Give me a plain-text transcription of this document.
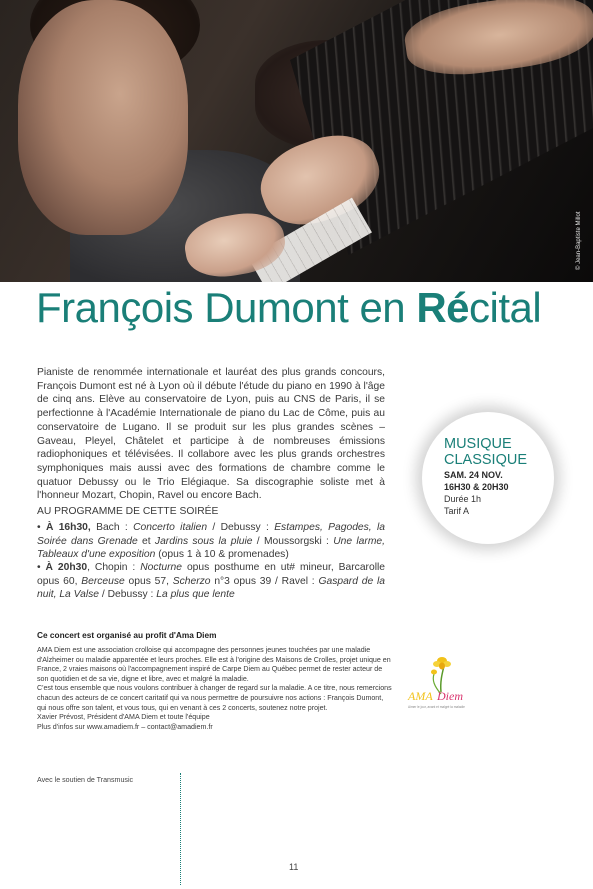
© Jean-Baptiste Millot
François Dumont en Récital
Pianiste de renommée internationale et lauréat des plus grands concours, François Dumont est né à Lyon où il débute l'étude du piano en 1990 à l'âge de cinq ans. Elève au conservatoire de Lyon, puis au CNS de Paris, il se perfectionne à l'Académie Internationale de piano du Lac de Côme, puis au conservatoire de Lugano. Il se produit sur les plus grandes scènes – Gaveau, Pleyel, Châtelet et participe à de nombreuses émissions radiophoniques et télévisées. Il collabore avec les plus grands orchestres symphoniques mais aussi avec des formations de chambre comme le quatuor Debussy ou le Trio Elégiaque. Sa discographie soliste met à l'honneur Mozart, Chopin, Ravel ou encore Bach.
AU PROGRAMME DE CETTE SOIRÉE
• À 16h30, Bach : Concerto italien / Debussy : Estampes, Pagodes, la Soirée dans Grenade et Jardins sous la pluie / Moussorgski : Une larme, Tableaux d'une exposition (opus 1 à 10 & promenades)
• À 20h30, Chopin : Nocturne opus posthume en ut# mineur, Barcarolle opus 60, Berceuse opus 57, Scherzo n°3 opus 39 / Ravel : Gaspard de la nuit, La Valse / Debussy : La plus que lente
MUSIQUE
CLASSIQUE
SAM. 24 NOV.
16H30 & 20H30
Durée 1h
Tarif A
Ce concert est organisé au profit d'Ama Diem

AMA Diem est une association crolloise qui accompagne des personnes jeunes touchées par une maladie d'Alzheimer ou maladie apparentée et leurs proches. Elle est à l'origine des Maisons de Crolles, projet unique en France, 2 vraies maisons où l'accompagnement inspiré de Carpe Diem au Québec permet de rester acteur de son quotidien et de sa vie, digne et libre, avec et malgré la maladie.

C'est tous ensemble que nous voulons contribuer à changer de regard sur la maladie. A ce titre, nous remercions chacun des acteurs de ce concert caritatif qui va nous permettre de poursuivre nos actions : François Dumont, qui nous offre son talent, et vous tous, qui en venant à ces 2 concerts, soutenez notre projet.

Xavier Prévost, Président d'AMA Diem et toute l'équipe

Plus d'infos sur www.amadiem.fr – contact@amadiem.fr

AMA Diem
Aimer le jour, avant et malgré la maladie
Avec le soutien de Transmusic
11
